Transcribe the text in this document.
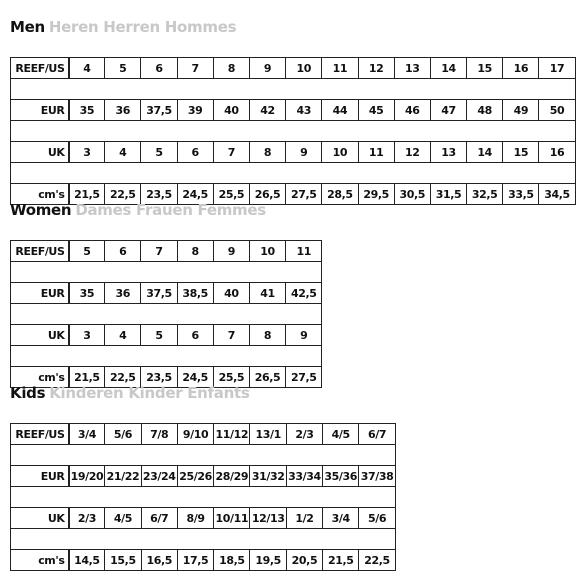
Men Heren Herren Hommes
REEF/US	4	5	6	7	8	9	10	11	12	13	14	15	16	17

EUR	35	36	37,5	39	40	42	43	44	45	46	47	48	49	50

UK	3	4	5	6	7	8	9	10	11	12	13	14	15	16

cm's	21,5	22,5	23,5	24,5	25,5	26,5	27,5	28,5	29,5	30,5	31,5	32,5	33,5	34,5
Women Dames Frauen Femmes
REEF/US	5	6	7	8	9	10	11

EUR	35	36	37,5	38,5	40	41	42,5

UK	3	4	5	6	7	8	9

cm's	21,5	22,5	23,5	24,5	25,5	26,5	27,5
Kids Kinderen Kinder Enfants
REEF/US	3/4	5/6	7/8	9/10	11/12	13/1	2/3	4/5	6/7

EUR	19/20	21/22	23/24	25/26	28/29	31/32	33/34	35/36	37/38

UK	2/3	4/5	6/7	8/9	10/11	12/13	1/2	3/4	5/6

cm's	14,5	15,5	16,5	17,5	18,5	19,5	20,5	21,5	22,5
